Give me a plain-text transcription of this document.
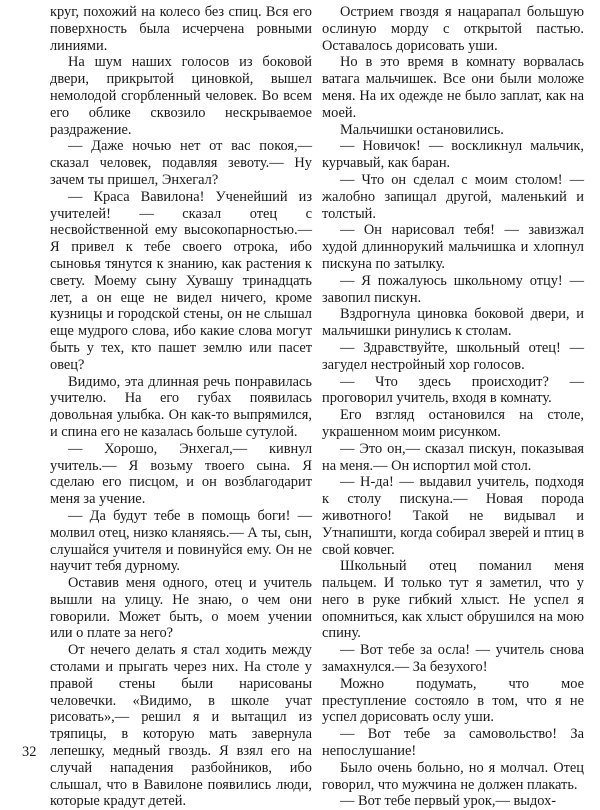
круг, похожий на колесо без спиц. Вся его поверхность была исчерчена ровными линиями.

На шум наших голосов из боковой двери, прикрытой циновкой, вышел немолодой сгорбленный человек. Во всем его облике сквозило нескрываемое раздражение.

— Даже ночью нет от вас покоя,— сказал человек, подавляя зевоту.— Ну зачем ты пришел, Энхегал?

— Краса Вавилона! Ученейший из учителей! — сказал отец с несвойственной ему высокопарностью.— Я привел к тебе своего отрока, ибо сыновья тянутся к знанию, как растения к свету. Моему сыну Хувашу тринадцать лет, а он еще не видел ничего, кроме кузницы и городской стены, он не слышал еще мудрого слова, ибо какие слова могут быть у тех, кто пашет землю или пасет овец?

Видимо, эта длинная речь понравилась учителю. На его губах появилась довольная улыбка. Он как-то выпрямился, и спина его не казалась больше сутулой.

— Хорошо, Энхегал,— кивнул учитель.— Я возьму твоего сына. Я сделаю его писцом, и он возблагодарит меня за учение.

— Да будут тебе в помощь боги! — молвил отец, низко кланяясь.— А ты, сын, слушайся учителя и повинуйся ему. Он не научит тебя дурному.

Оставив меня одного, отец и учитель вышли на улицу. Не знаю, о чем они говорили. Может быть, о моем учении или о плате за него?

От нечего делать я стал ходить между столами и прыгать через них. На столе у правой стены были нарисованы человечки. «Видимо, в школе учат рисовать»,— решил я и вытащил из тряпицы, в которую мать завернула лепешку, медный гвоздь. Я взял его на случай нападения разбойников, ибо слышал, что в Вавилоне появились люди, которые крадут детей.

Острием гвоздя я нацарапал большую ослиную морду с открытой пастью. Оставалось дорисовать уши.

Но в это время в комнату ворвалась ватага мальчишек. Все они были моложе меня. На их одежде не было заплат, как на моей.

Мальчишки остановились.

— Новичок! — воскликнул мальчик, курчавый, как баран.

— Что он сделал с моим столом! — жалобно запищал другой, маленький и толстый.

— Он нарисовал тебя! — завизжал худой длиннорукий мальчишка и хлопнул пискуна по затылку.

— Я пожалуюсь школьному отцу! — завопил пискун.

Вздрогнула циновка боковой двери, и мальчишки ринулись к столам.

— Здравствуйте, школьный отец! — загудел нестройный хор голосов.

— Что здесь происходит? — проговорил учитель, входя в комнату.

Его взгляд остановился на столе, украшенном моим рисунком.

— Это он,— сказал пискун, показывая на меня.— Он испортил мой стол.

— Н-да! — выдавил учитель, подходя к столу пискуна.— Новая порода животного! Такой не видывал и Утнапишти, когда собирал зверей и птиц в свой ковчег.

Школьный отец поманил меня пальцем. И только тут я заметил, что у него в руке гибкий хлыст. Не успел я опомниться, как хлыст обрушился на мою спину.

— Вот тебе за осла! — учитель снова замахнулся.— За безухого!

Можно подумать, что мое преступление состояло в том, что я не успел дорисовать ослу уши.

— Вот тебе за самовольство! За непослушание!

Было очень больно, но я молчал. Отец говорил, что мужчина не должен плакать.

— Вот тебе первый урок,— выдох-

32
